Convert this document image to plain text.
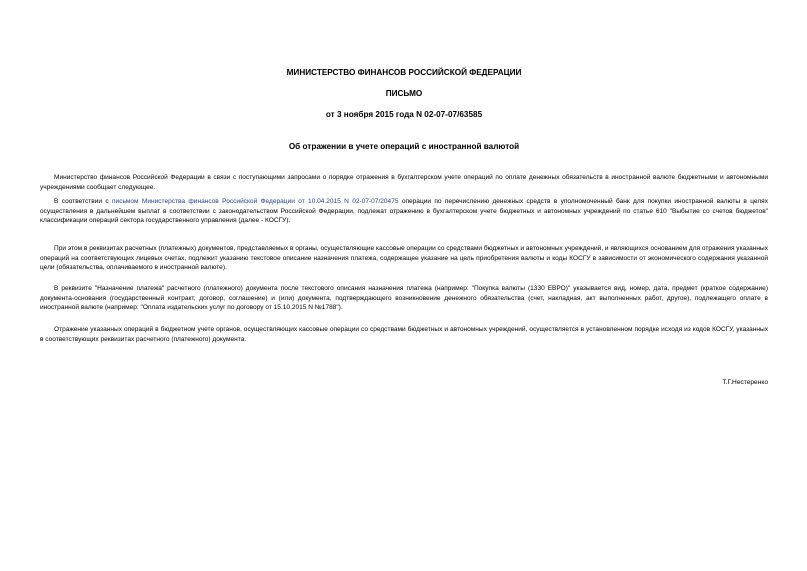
МИНИСТЕРСТВО ФИНАНСОВ РОССИЙСКОЙ ФЕДЕРАЦИИ
ПИСЬМО
от 3 ноября 2015 года N 02-07-07/63585
Об отражении в учете операций с иностранной валютой

Министерство финансов Российской Федерации в связи с поступающими запросами о порядке отражения в бухгалтерском учете операций по оплате денежных обязательств в иностранной валюте бюджетными и автономными учреждениями сообщает следующее.

В соответствии с письмом Министерства финансов Российской Федерации от 10.04.2015 N 02-07-07/20475 операции по перечислению денежных средств в уполномоченный банк для покупки иностранной валюты в целях осуществления в дальнейшем выплат в соответствии с законодательством Российской Федерации, подлежат отражению в бухгалтерском учете бюджетных и автономных учреждений по статье 610 "Выбытие со счетов бюджетов" классификации операций сектора государственного управления (далее - КОСГУ).

При этом в реквизитах расчетных (платежных) документов, представляемых в органы, осуществляющие кассовые операции со средствами бюджетных и автономных учреждений, и являющихся основанием для отражения указанных операций на соответствующих лицевых счетах, подлежит указанию текстовое описание назначения платежа, содержащее указание на цель приобретения валюты и коды КОСГУ в зависимости от экономического содержания указанной цели (обязательства, оплачиваемого в иностранной валюте).

В реквизите "Назначение платежа" расчетного (платежного) документа после текстового описания назначения платежа (например: "Покупка валюты (1330 ЕВРО)" указывается вид, номер, дата, предмет (краткое содержание) документа-основания (государственный контракт, договор, соглашение) и (или) документа, подтверждающего возникновение денежного обязательства (счет, накладная, акт выполненных работ, другое), подлежащего оплате в иностранной валюте (например: "Оплата издательских услуг по договору от 15.10.2015 N №1788").

Отражение указанных операций в бюджетном учете органов, осуществляющих кассовые операции со средствами бюджетных и автономных учреждений, осуществляется в установленном порядке исходя из кодов КОСГУ, указанных в соответствующих реквизитах расчетного (платежного) документа.

Т.Г.Нестеренко
